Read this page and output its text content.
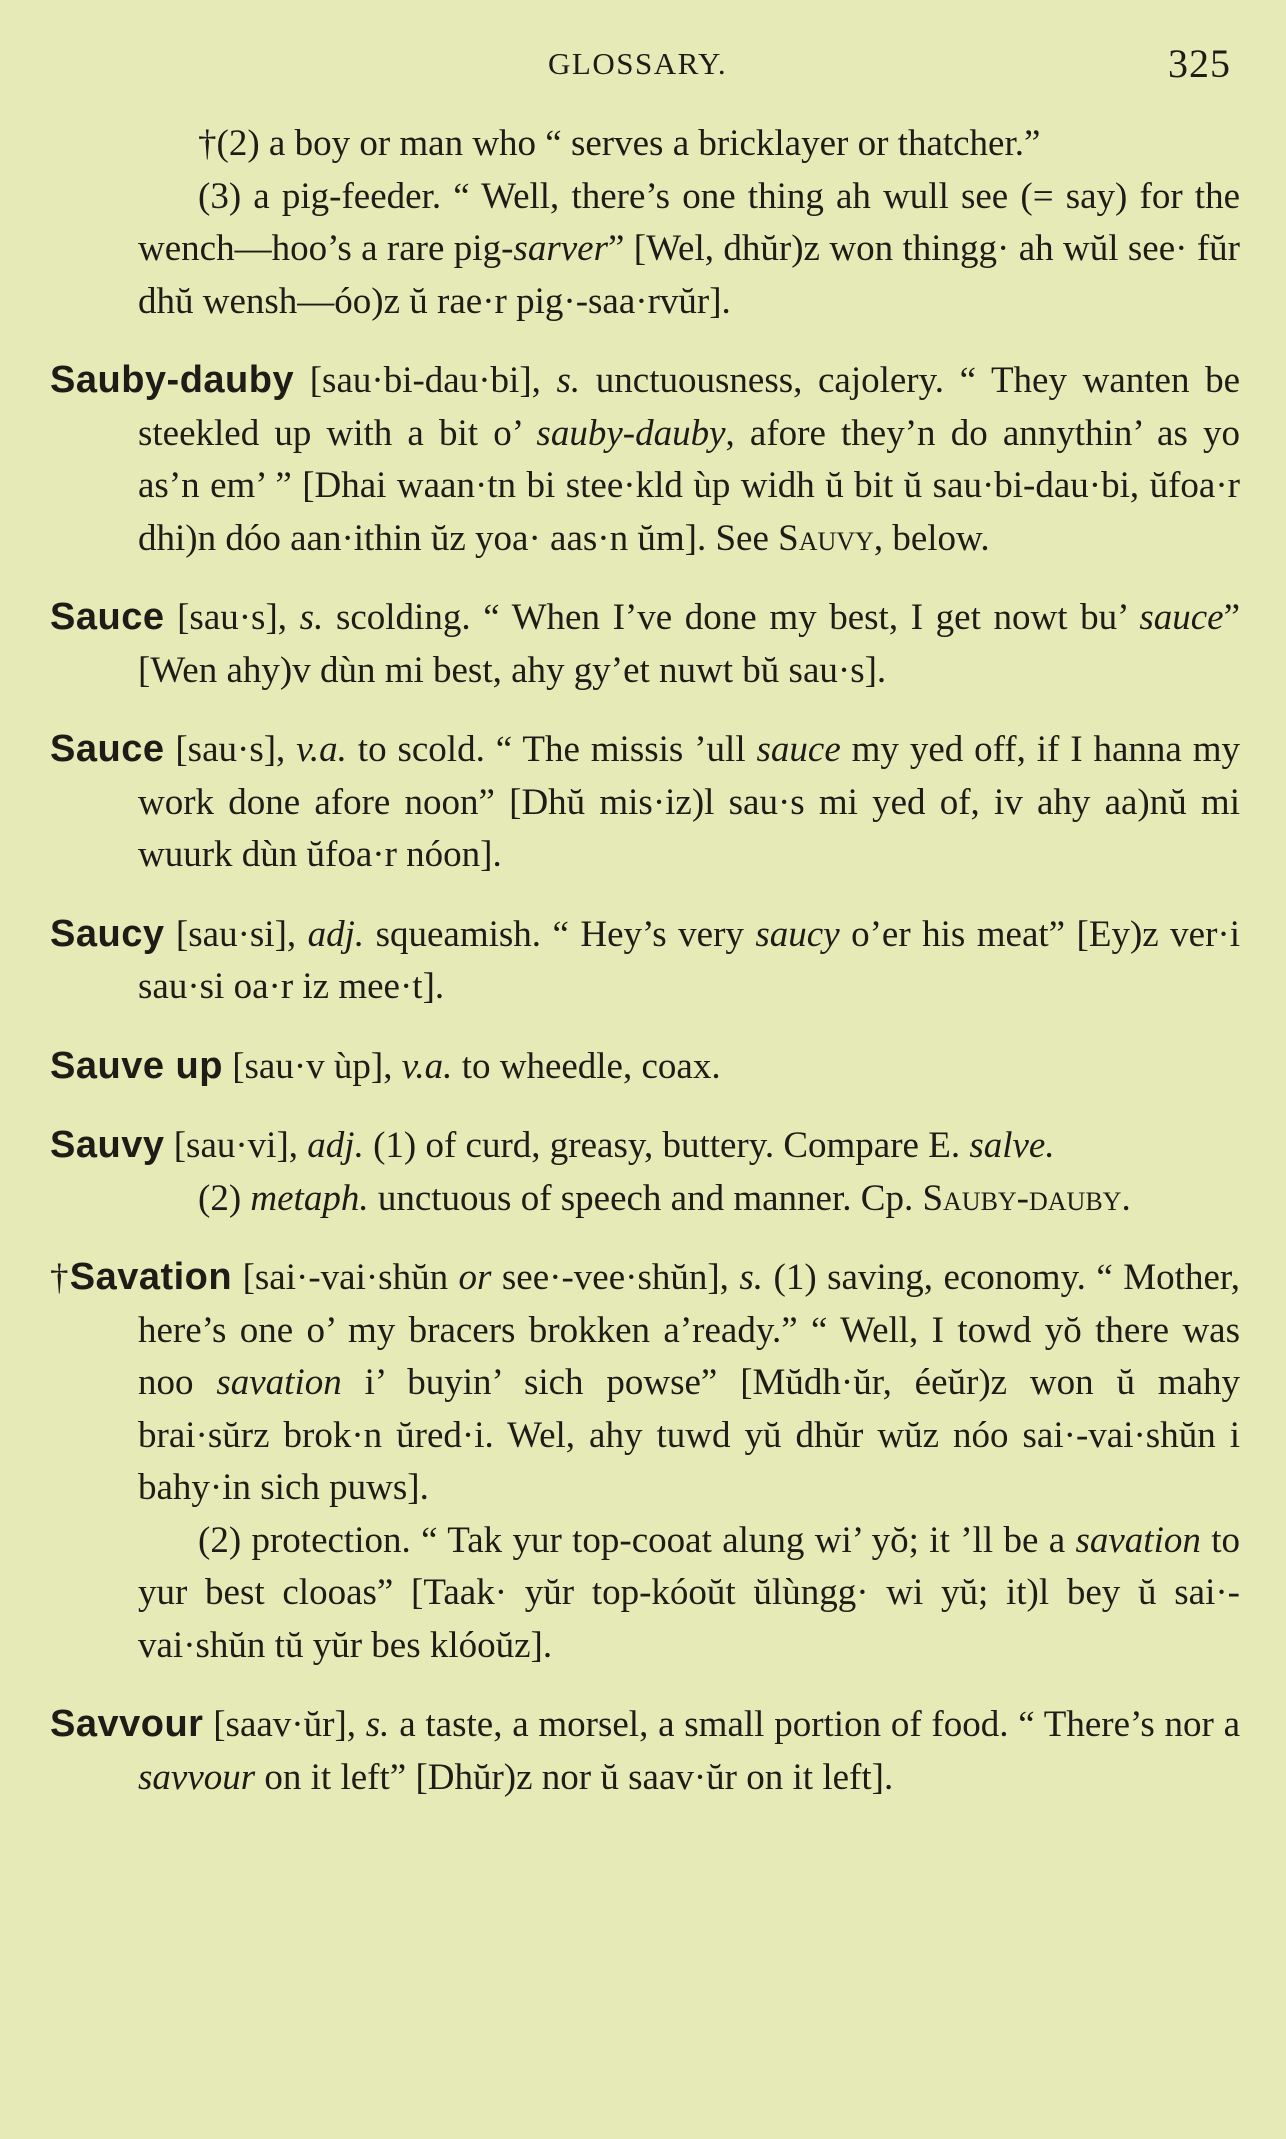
GLOSSARY.	325

†(2) a boy or man who “ serves a bricklayer or thatcher.”

(3) a pig-feeder. “ Well, there’s one thing ah wull see (= say) for the wench—hoo’s a rare pig-sarver” [Wel, dhŭr)z won thingg· ah wŭl see· fŭr dhŭ wensh—óo)z ŭ rae·r pig·-saa·rvŭr].

Sauby-dauby [sau·bi-dau·bi], s. unctuousness, cajolery. “ They wanten be steekled up with a bit o’ sauby-dauby, afore they’n do annythin’ as yo as’n em’ ” [Dhai waan·tn bi stee·kld ùp widh ŭ bit ŭ sau·bi-dau·bi, ŭfoa·r dhi)n dóo aan·ithin ŭz yoa· aas·n ŭm]. See Sauvy, below.

Sauce [sau·s], s. scolding. “ When I’ve done my best, I get nowt bu’ sauce” [Wen ahy)v dùn mi best, ahy gy’et nuwt bŭ sau·s].

Sauce [sau·s], v.a. to scold. “ The missis ’ull sauce my yed off, if I hanna my work done afore noon” [Dhŭ mis·iz)l sau·s mi yed of, iv ahy aa)nŭ mi wuurk dùn ŭfoa·r nóon].

Saucy [sau·si], adj. squeamish. “ Hey’s very saucy o’er his meat” [Ey)z ver·i sau·si oa·r iz mee·t].

Sauve up [sau·v ùp], v.a. to wheedle, coax.

Sauvy [sau·vi], adj. (1) of curd, greasy, buttery. Compare E. salve.

(2) metaph. unctuous of speech and manner. Cp. Sauby-dauby.

†Savation [sai·-vai·shŭn or see·-vee·shŭn], s. (1) saving, economy. “ Mother, here’s one o’ my bracers brokken a’ready.” “ Well, I towd yŏ there was noo savation i’ buyin’ sich powse” [Mŭdh·ŭr, éeŭr)z won ŭ mahy brai·sŭrz brok·n ŭred·i. Wel, ahy tuwd yŭ dhŭr wŭz nóo sai·-vai·shŭn i bahy·in sich puws].

(2) protection. “ Tak yur top-cooat alung wi’ yŏ; it ’ll be a savation to yur best clooas” [Taak· yŭr top-kóoŭt ŭlùngg· wi yŭ; it)l bey ŭ sai·-vai·shŭn tŭ yŭr bes klóoŭz].

Savvour [saav·ŭr], s. a taste, a morsel, a small portion of food. “ There’s nor a savvour on it left” [Dhŭr)z nor ŭ saav·ŭr on it left].
